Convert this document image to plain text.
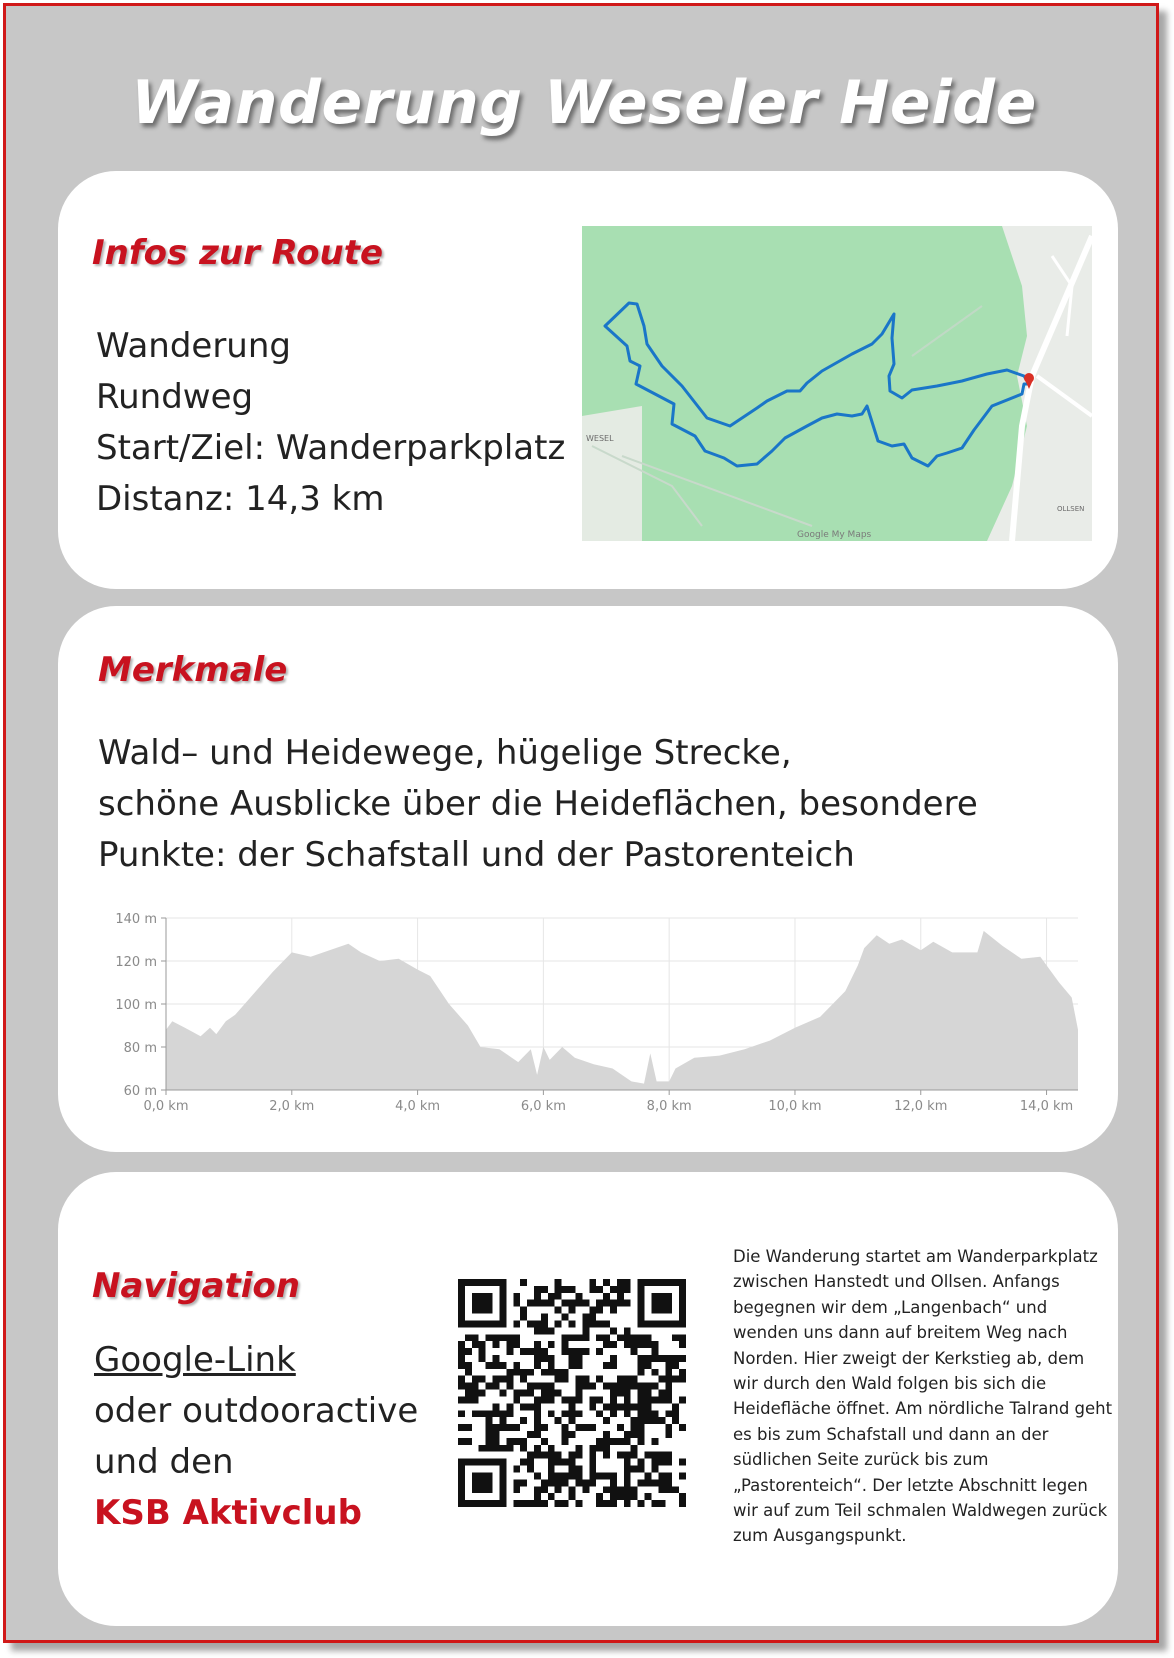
Wanderung Weseler Heide
Infos zur Route
Wanderung
Rundweg
Start/Ziel: Wanderparkplatz
Distanz: 14,3 km
WESEL
OLLSEN
Google My Maps
Merkmale
Wald– und Heidewege, hügelige Strecke,
schöne Ausblicke über die Heideflächen, besondere
Punkte: der Schafstall und der Pastorenteich
60 m
80 m
100 m
120 m
140 m
0,0 km	2,0 km	4,0 km	6,0 km	8,0 km	10,0 km	12,0 km	14,0 km
Navigation
Google-Link
oder outdooractive
und den
KSB Aktivclub

Die Wanderung startet am Wanderparkplatz zwischen Hanstedt und Ollsen. Anfangs begegnen wir dem „Langenbach“ und wenden uns dann auf breitem Weg nach Norden. Hier zweigt der Kerkstieg ab, dem wir durch den Wald folgen bis sich die Heidefläche öffnet. Am nördliche Talrand geht es bis zum Schafstall und dann an der südlichen Seite zurück bis zum „Pastorenteich“. Der letzte Abschnitt legen wir auf zum Teil schmalen Waldwegen zurück zum Ausgangspunkt.
